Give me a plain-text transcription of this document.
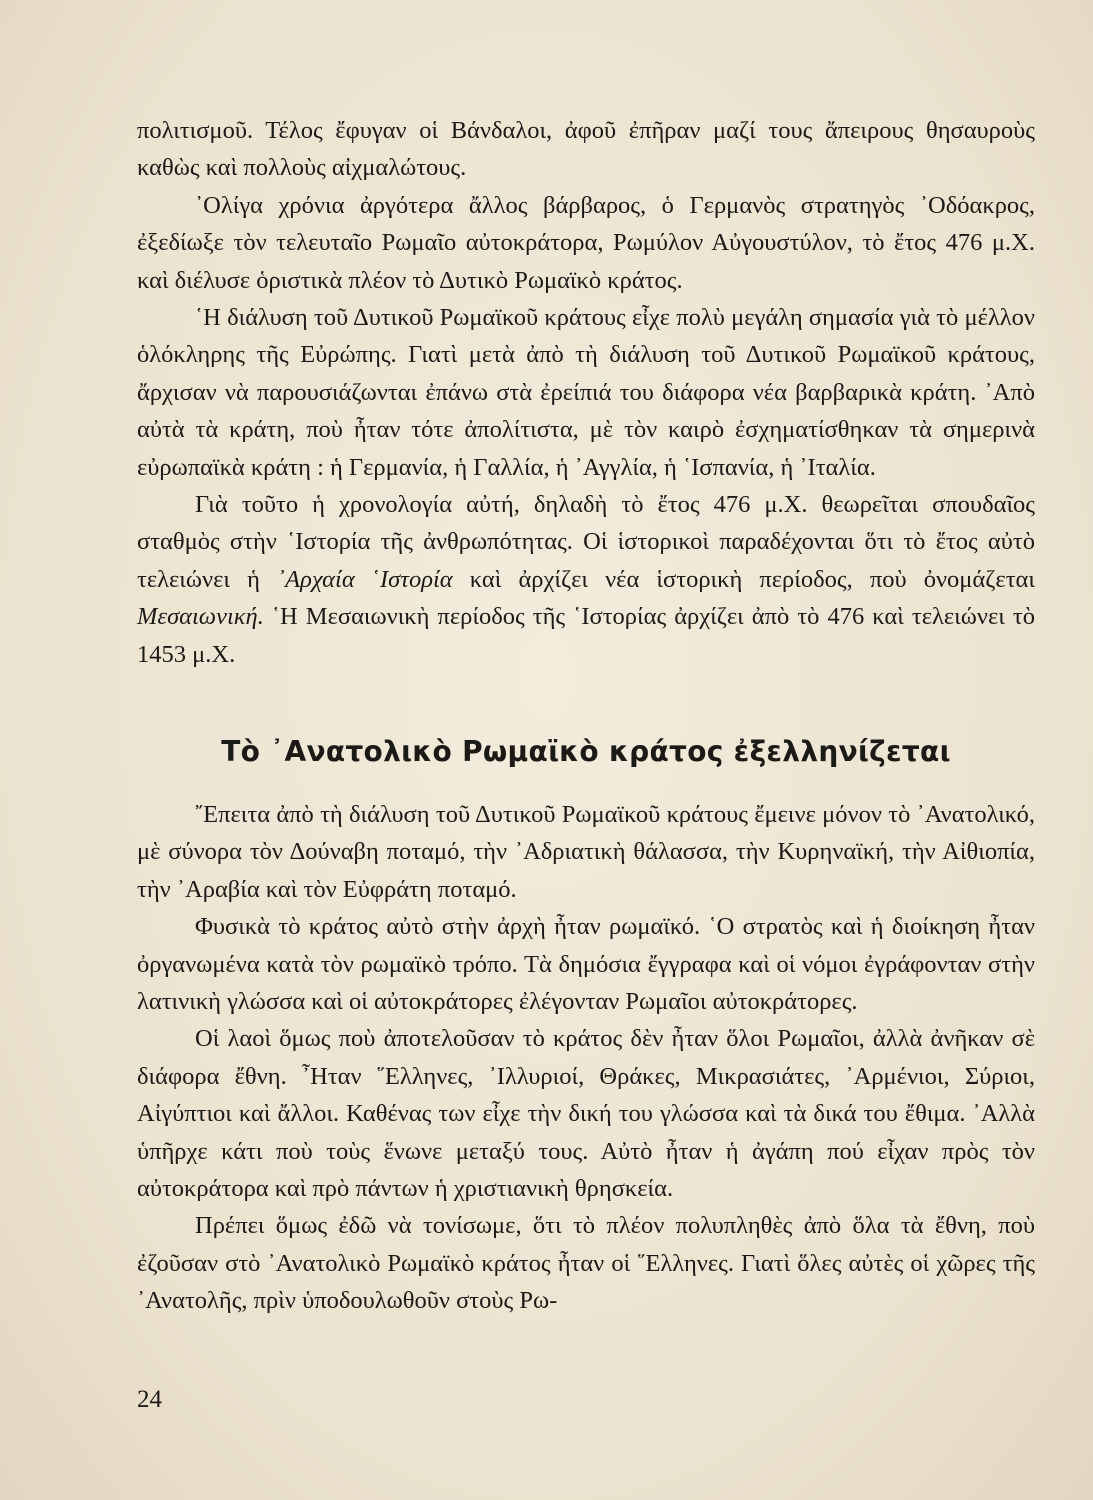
πολιτισμοῦ. Τέλος ἔφυγαν οἱ Βάνδαλοι, ἀφοῦ ἐπῆραν μαζί τους ἄπειρους θησαυροὺς καθὼς καὶ πολλοὺς αἰχμαλώτους.

᾿Ολίγα χρόνια ἀργότερα ἄλλος βάρβαρος, ὁ Γερμανὸς στρατηγὸς ᾿Οδόακρος, ἐξεδίωξε τὸν τελευταῖο Ρωμαῖο αὐτοκράτορα, Ρωμύλον Αὐγουστύλον, τὸ ἔτος 476 μ.Χ. καὶ διέλυσε ὁριστικὰ πλέον τὸ Δυτικὸ Ρωμαϊκὸ κράτος.

῾Η διάλυση τοῦ Δυτικοῦ Ρωμαϊκοῦ κράτους εἶχε πολὺ μεγάλη σημασία γιὰ τὸ μέλλον ὁλόκληρης τῆς Εὐρώπης. Γιατὶ μετὰ ἀπὸ τὴ διάλυση τοῦ Δυτικοῦ Ρωμαϊκοῦ κράτους, ἄρχισαν νὰ παρουσιάζωνται ἐπάνω στὰ ἐρείπιά του διάφορα νέα βαρβαρικὰ κράτη. ᾿Απὸ αὐτὰ τὰ κράτη, ποὺ ἦταν τότε ἀπολίτιστα, μὲ τὸν καιρὸ ἐσχηματίσθηκαν τὰ σημερινὰ εὐρωπαϊκὰ κράτη : ἡ Γερμανία, ἡ Γαλλία, ἡ ᾿Αγγλία, ἡ ῾Ισπανία, ἡ ᾿Ιταλία.

Γιὰ τοῦτο ἡ χρονολογία αὐτή, δηλαδὴ τὸ ἔτος 476 μ.Χ. θεωρεῖται σπουδαῖος σταθμὸς στὴν ῾Ιστορία τῆς ἀνθρωπότητας. Οἱ ἱστορικοὶ παραδέχονται ὅτι τὸ ἔτος αὐτὸ τελειώνει ἡ ᾿Αρχαία ῾Ιστορία καὶ ἀρχίζει νέα ἱστορικὴ περίοδος, ποὺ ὀνομάζεται Μεσαιωνική. ῾Η Μεσαιωνικὴ περίοδος τῆς ῾Ιστορίας ἀρχίζει ἀπὸ τὸ 476 καὶ τελειώνει τὸ 1453 μ.Χ.

Τὸ ᾿Ανατολικὸ Ρωμαϊκὸ κράτος ἐξελληνίζεται

῎Επειτα ἀπὸ τὴ διάλυση τοῦ Δυτικοῦ Ρωμαϊκοῦ κράτους ἔμεινε μόνον τὸ ᾿Ανατολικό, μὲ σύνορα τὸν Δούναβη ποταμό, τὴν ᾿Αδριατικὴ θάλασσα, τὴν Κυρηναϊκή, τὴν Αἰθιοπία, τὴν ᾿Αραβία καὶ τὸν Εὐφράτη ποταμό.

Φυσικὰ τὸ κράτος αὐτὸ στὴν ἀρχὴ ἦταν ρωμαϊκό. ῾Ο στρατὸς καὶ ἡ διοίκηση ἦταν ὀργανωμένα κατὰ τὸν ρωμαϊκὸ τρόπο. Τὰ δημόσια ἔγγραφα καὶ οἱ νόμοι ἐγράφονταν στὴν λατινικὴ γλώσσα καὶ οἱ αὐτοκράτορες ἐλέγονταν Ρωμαῖοι αὐτοκράτορες.

Οἱ λαοὶ ὅμως ποὺ ἀποτελοῦσαν τὸ κράτος δὲν ἦταν ὅλοι Ρωμαῖοι, ἀλλὰ ἀνῆκαν σὲ διάφορα ἔθνη. ῏Ηταν ῞Ελληνες, ᾿Ιλλυριοί, Θράκες, Μικρασιάτες, ᾿Αρμένιοι, Σύριοι, Αἰγύπτιοι καὶ ἄλλοι. Καθένας των εἶχε τὴν δική του γλώσσα καὶ τὰ δικά του ἔθιμα. ᾿Αλλὰ ὑπῆρχε κάτι ποὺ τοὺς ἕνωνε μεταξύ τους. Αὐτὸ ἦταν ἡ ἀγάπη πού εἶχαν πρὸς τὸν αὐτοκράτορα καὶ πρὸ πάντων ἡ χριστιανικὴ θρησκεία.

Πρέπει ὅμως ἐδῶ νὰ τονίσωμε, ὅτι τὸ πλέον πολυπληθὲς ἀπὸ ὅλα τὰ ἔθνη, ποὺ ἐζοῦσαν στὸ ᾿Ανατολικὸ Ρωμαϊκὸ κράτος ἦταν οἱ ῞Ελληνες. Γιατὶ ὅλες αὐτὲς οἱ χῶρες τῆς ᾿Ανατολῆς, πρὶν ὑποδουλωθοῦν στοὺς Ρω-

24
